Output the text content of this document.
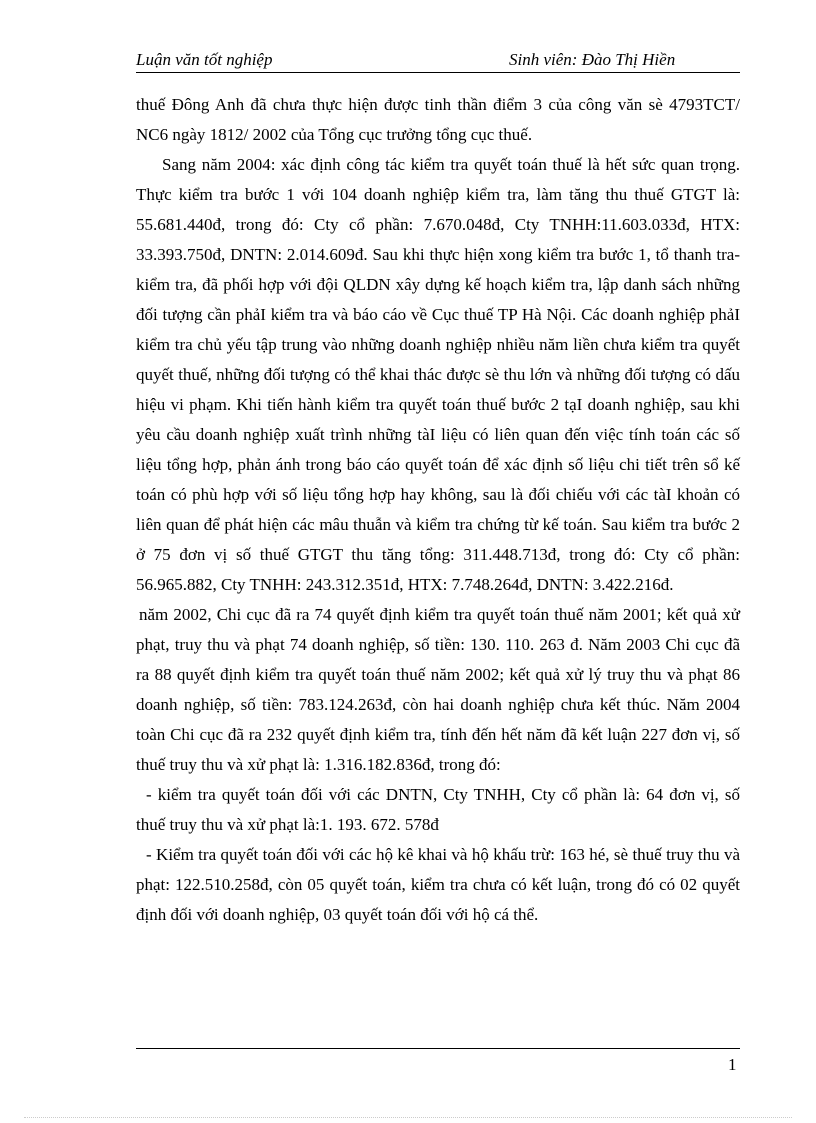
Luận văn tốt nghiệp	Sinh viên: Đào Thị Hiền

thuế Đông Anh đã chưa thực hiện được tinh thần điểm 3 của công văn sè 4793TCT/ NC6 ngày 1812/ 2002 của Tổng cục trưởng tổng cục thuế.

Sang năm 2004: xác định công tác kiểm tra quyết toán thuế là hết sức quan trọng. Thực kiểm tra bước 1 với 104 doanh nghiệp kiểm tra, làm tăng thu thuế GTGT là: 55.681.440đ, trong đó: Cty cổ phần: 7.670.048đ, Cty TNHH:11.603.033đ, HTX: 33.393.750đ, DNTN: 2.014.609đ. Sau khi thực hiện xong kiểm tra bước 1, tổ thanh tra- kiểm tra, đã phối hợp với đội QLDN xây dựng kế hoạch kiểm tra, lập danh sách những đối tượng cần phảI kiểm tra và báo cáo về Cục thuế TP Hà Nội. Các doanh nghiệp phảI kiểm tra chủ yếu tập trung vào những doanh nghiệp nhiều năm liền chưa kiểm tra quyết quyết thuế, những đối tượng có thể khai thác được sè thu lớn và những đối tượng có dấu hiệu vi phạm. Khi tiến hành kiểm tra quyết toán thuế bước 2 tạI doanh nghiệp, sau khi yêu cầu doanh nghiệp xuất trình những tàI liệu có liên quan đến việc tính toán các số liệu tổng hợp, phản ánh trong báo cáo quyết toán để xác định số liệu chi tiết trên sổ kế toán có phù hợp với số liệu tổng hợp hay không, sau là đối chiếu với các tàI khoản có liên quan để phát hiện các mâu thuẫn và kiểm tra chứng từ kế toán. Sau kiểm tra bước 2 ở 75 đơn vị số thuế GTGT thu tăng tổng: 311.448.713đ, trong đó: Cty cổ phần: 56.965.882, Cty TNHH: 243.312.351đ, HTX: 7.748.264đ, DNTN: 3.422.216đ.

năm 2002, Chi cục đã ra 74 quyết định kiểm tra quyết toán thuế năm 2001; kết quả xử phạt, truy thu và phạt 74 doanh nghiệp, số tiền: 130. 110. 263 đ. Năm 2003 Chi cục đã ra 88 quyết định kiểm tra quyết toán thuế năm 2002; kết quả xử lý truy thu và phạt 86 doanh nghiệp, số tiền: 783.124.263đ, còn hai doanh nghiệp chưa kết thúc. Năm 2004 toàn Chi cục đã ra 232 quyết định kiểm tra, tính đến hết năm đã kết luận 227 đơn vị, số thuế truy thu và xử phạt là: 1.316.182.836đ, trong đó:

- kiểm tra quyết toán đối với các DNTN, Cty TNHH, Cty cổ phần là: 64 đơn vị, số thuế truy thu và xử phạt là:1. 193. 672. 578đ

- Kiểm tra quyết toán đối với các hộ kê khai và hộ khấu trừ: 163 hé, sè thuế truy thu và phạt: 122.510.258đ, còn 05 quyết toán, kiểm tra chưa có kết luận, trong đó có 02 quyết định đối với doanh nghiệp, 03 quyết toán đối với hộ cá thể.

1
